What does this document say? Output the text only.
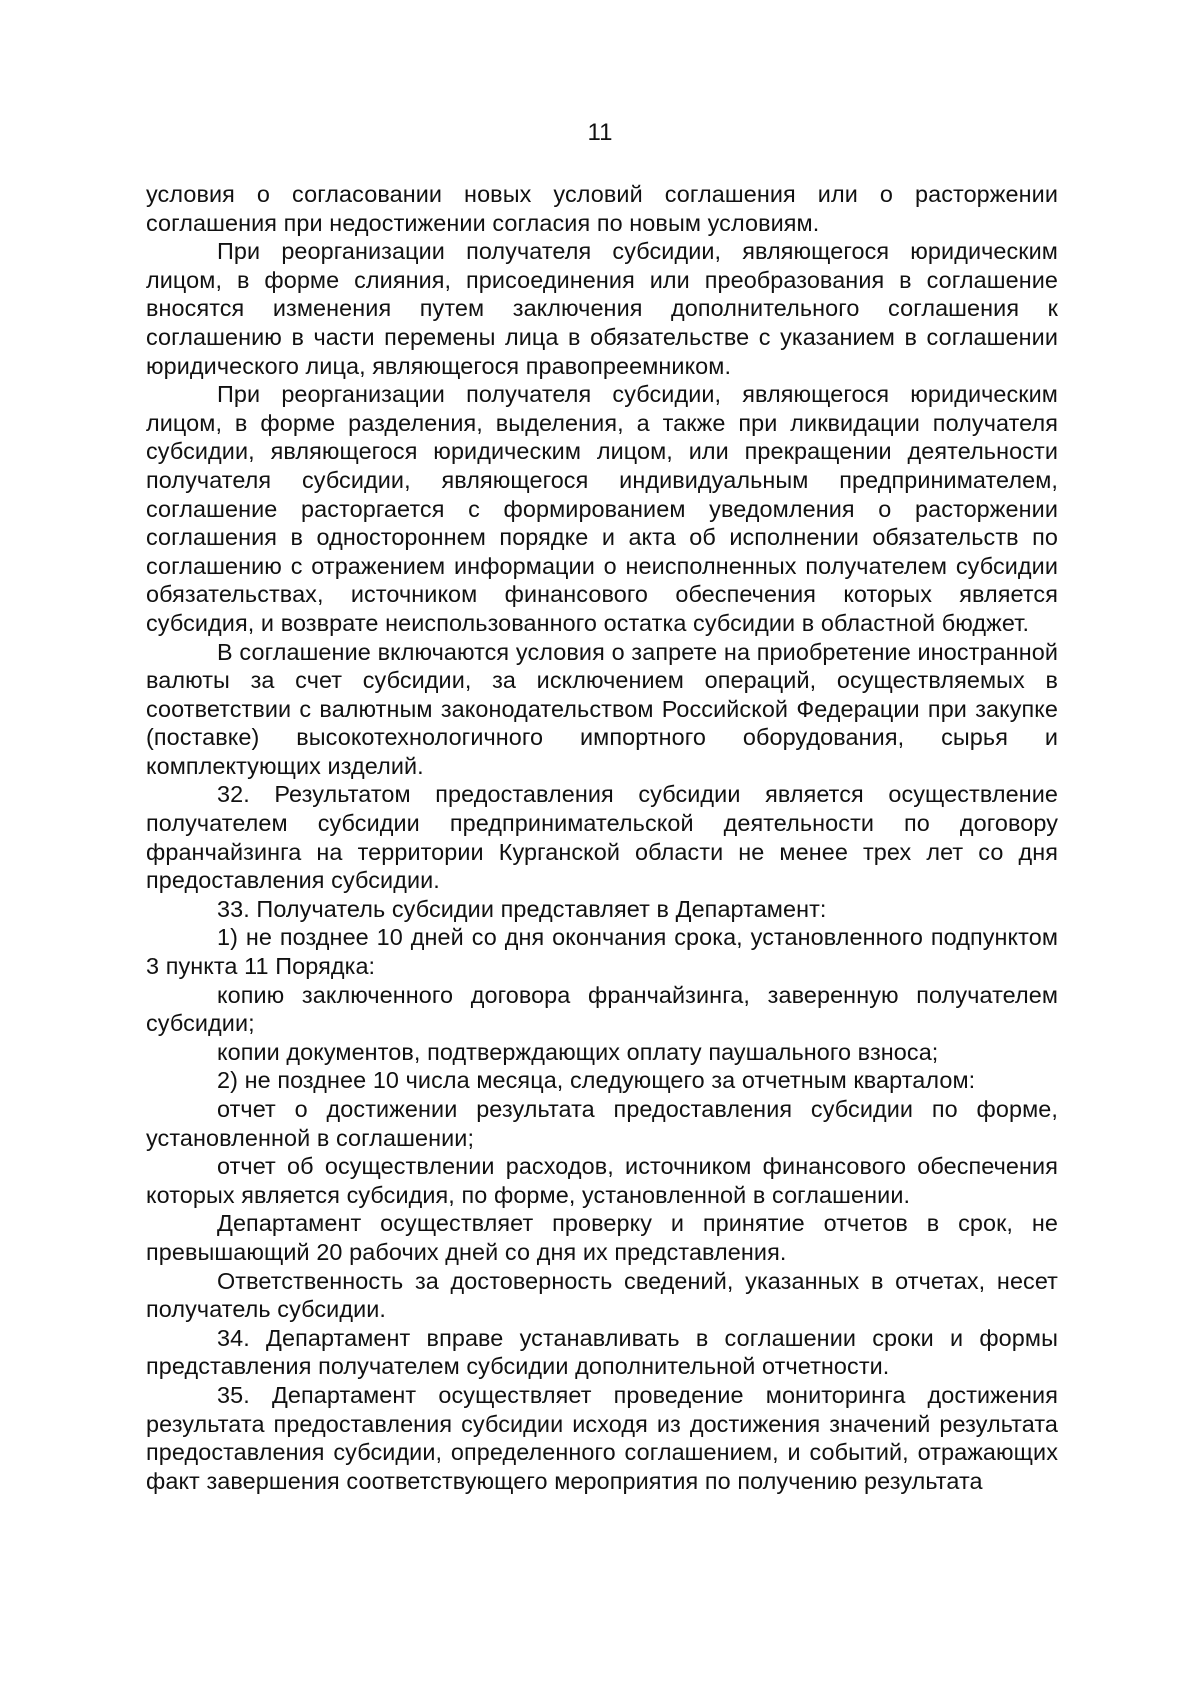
11

условия о согласовании новых условий соглашения или о расторжении соглашения при недостижении согласия по новым условиям.

При реорганизации получателя субсидии, являющегося юридическим лицом, в форме слияния, присоединения или преобразования в соглашение вносятся изменения путем заключения дополнительного соглашения к соглашению в части перемены лица в обязательстве с указанием в соглашении юридического лица, являющегося правопреемником.

При реорганизации получателя субсидии, являющегося юридическим лицом, в форме разделения, выделения, а также при ликвидации получателя субсидии, являющегося юридическим лицом, или прекращении деятельности получателя субсидии, являющегося индивидуальным предпринимателем, соглашение расторгается с формированием уведомления о расторжении соглашения в одностороннем порядке и акта об исполнении обязательств по соглашению с отражением информации о неисполненных получателем субсидии обязательствах, источником финансового обеспечения которых является субсидия, и возврате неиспользованного остатка субсидии в областной бюджет.

В соглашение включаются условия о запрете на приобретение иностранной валюты за счет субсидии, за исключением операций, осуществляемых в соответствии с валютным законодательством Российской Федерации при закупке (поставке) высокотехнологичного импортного оборудования, сырья и комплектующих изделий.

32. Результатом предоставления субсидии является осуществление получателем субсидии предпринимательской деятельности по договору франчайзинга на территории Курганской области не менее трех лет со дня предоставления субсидии.

33. Получатель субсидии представляет в Департамент:

1) не позднее 10 дней со дня окончания срока, установленного подпунктом 3 пункта 11 Порядка:

копию заключенного договора франчайзинга, заверенную получателем субсидии;

копии документов, подтверждающих оплату паушального взноса;

2) не позднее 10 числа месяца, следующего за отчетным кварталом:

отчет о достижении результата предоставления субсидии по форме, установленной в соглашении;

отчет об осуществлении расходов, источником финансового обеспечения которых является субсидия, по форме, установленной в соглашении.

Департамент осуществляет проверку и принятие отчетов в срок, не превышающий 20 рабочих дней со дня их представления.

Ответственность за достоверность сведений, указанных в отчетах, несет получатель субсидии.

34. Департамент вправе устанавливать в соглашении сроки и формы представления получателем субсидии дополнительной отчетности.

35. Департамент осуществляет проведение мониторинга достижения результата предоставления субсидии исходя из достижения значений результата предоставления субсидии, определенного соглашением, и событий, отражающих факт завершения соответствующего мероприятия по получению результата
